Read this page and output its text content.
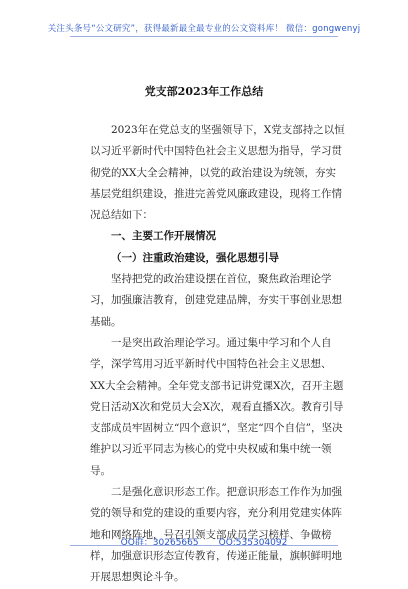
关注头条号“公文研究”，获得最新最全最专业的公文资料库！ 微信：gongwenyj
党支部2023年工作总结

2023年在党总支的坚强领导下，X党支部持之以恒以习近平新时代中国特色社会主义思想为指导，学习贯彻党的XX大全会精神，以党的政治建设为统领，夯实基层党组织建设，推进完善党风廉政建设，现将工作情况总结如下：

一、主要工作开展情况

（一）注重政治建设，强化思想引导

坚持把党的政治建设摆在首位，聚焦政治理论学习，加强廉洁教育，创建党建品牌，夯实干事创业思想基础。

一是突出政治理论学习。通过集中学习和个人自学，深学笃用习近平新时代中国特色社会主义思想、XX大全会精神。全年党支部书记讲党课X次，召开主题党日活动X次和党员大会X次，观看直播X次。教育引导支部成员牢固树立“四个意识”，坚定“四个自信”，坚决维护以习近平同志为核心的党中央权威和集中统一领导。

二是强化意识形态工作。把意识形态工作作为加强党的领导和党的建设的重要内容，充分利用党建实体阵地和网络阵地，号召引领支部成员学习榜样、争做榜样，加强意识形态宣传教育，传递正能量，旗帜鲜明地开展思想舆论斗争。

QQ群：30265665 QQ:535304092
